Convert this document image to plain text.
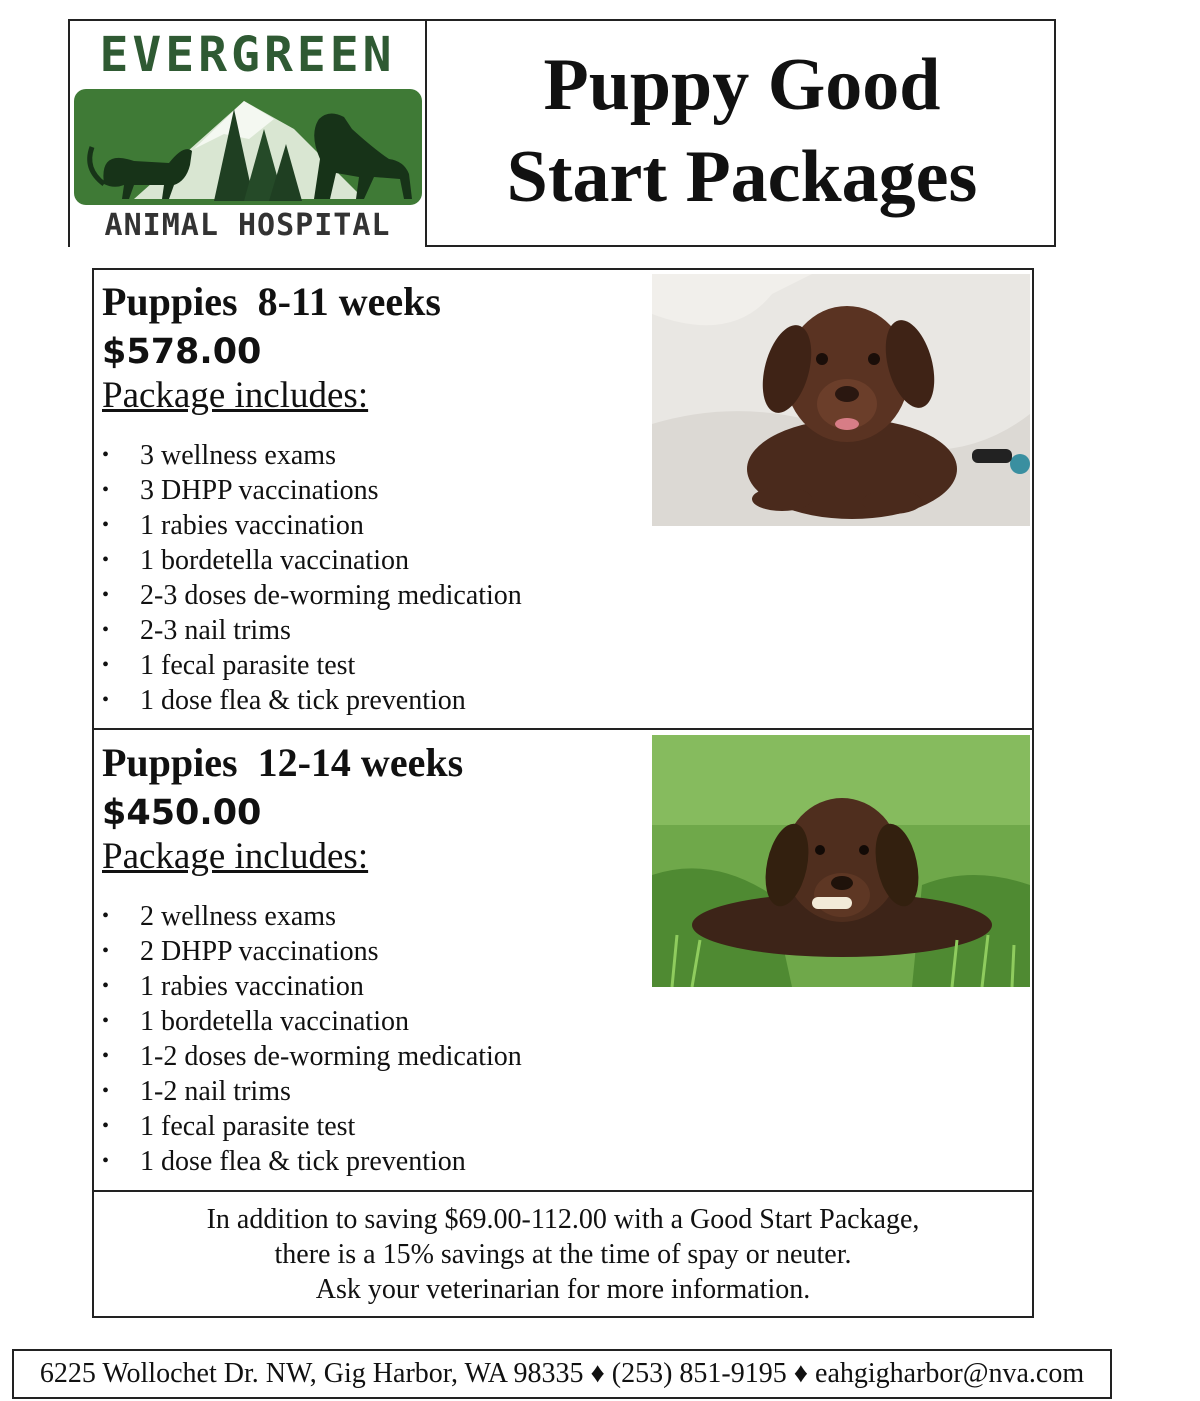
EVERGREEN
ANIMAL HOSPITAL
Puppy Good
Start Packages
Puppies  8-11 weeks
$578.00
Package includes:
• 3 wellness exams
• 3 DHPP vaccinations
• 1 rabies vaccination
• 1 bordetella vaccination
• 2-3 doses de-worming medication
• 2-3 nail trims
• 1 fecal parasite test
• 1 dose flea & tick prevention
Puppies  12-14 weeks
$450.00
Package includes:
• 2 wellness exams
• 2 DHPP vaccinations
• 1 rabies vaccination
• 1 bordetella vaccination
• 1-2 doses de-worming medication
• 1-2 nail trims
• 1 fecal parasite test
• 1 dose flea & tick prevention
In addition to saving $69.00-112.00 with a Good Start Package,
there is a 15% savings at the time of spay or neuter.
Ask your veterinarian for more information.
6225 Wollochet Dr. NW, Gig Harbor, WA 98335 ♦ (253) 851-9195 ♦ eahgigharbor@nva.com
